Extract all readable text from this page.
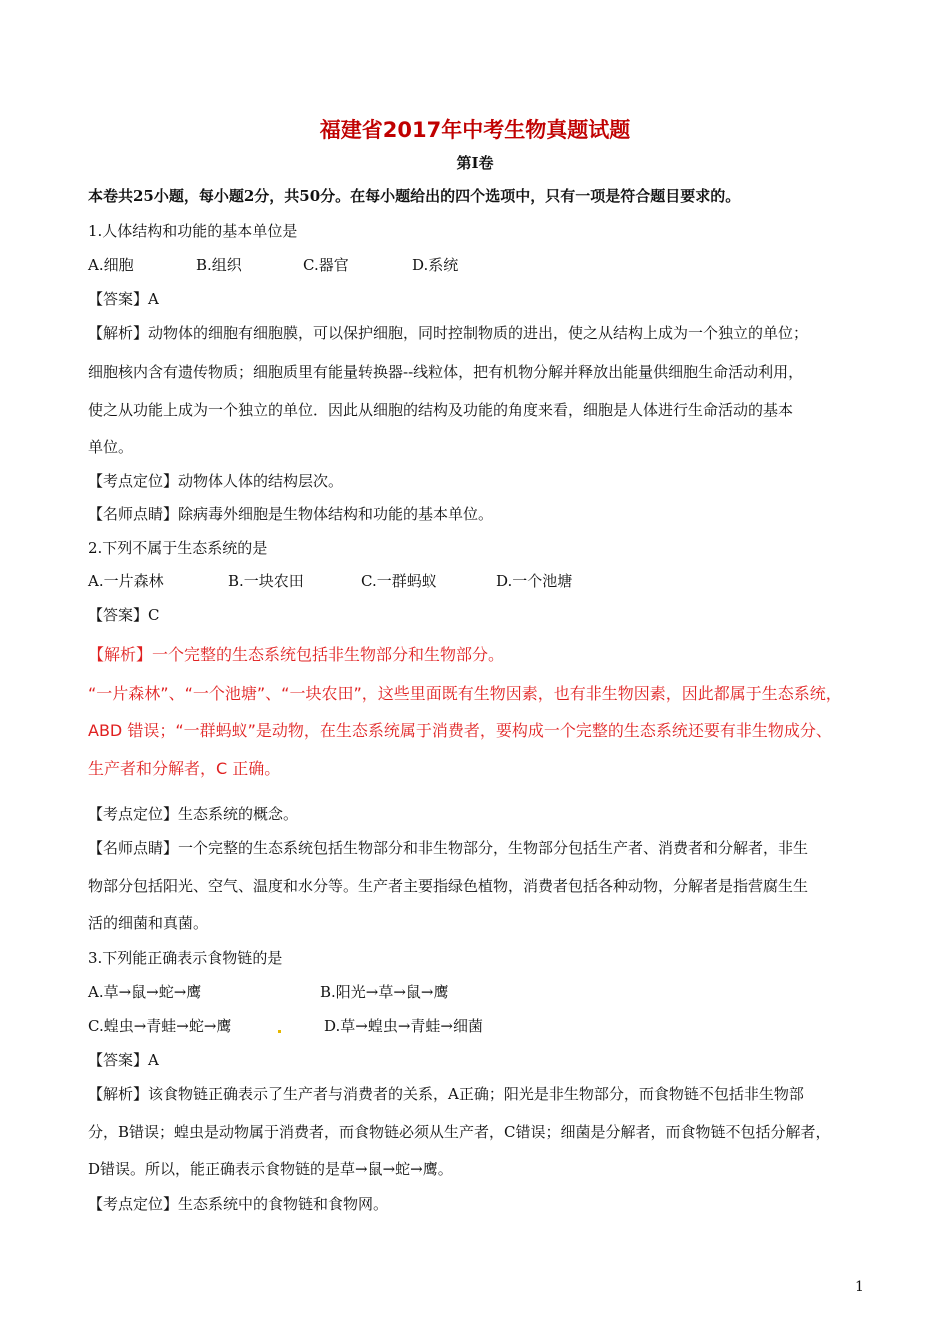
福建省2017年中考生物真题试题
第Ⅰ卷
本卷共25小题，每小题2分，共50分。在每小题给出的四个选项中，只有一项是符合题目要求的。
1.人体结构和功能的基本单位是
A.细胞	B.组织	C.器官	D.系统
【答案】A
【解析】动物体的细胞有细胞膜，可以保护细胞，同时控制物质的进出，使之从结构上成为一个独立的单位；
细胞核内含有遗传物质；细胞质里有能量转换器--线粒体，把有机物分解并释放出能量供细胞生命活动利用，
使之从功能上成为一个独立的单位．因此从细胞的结构及功能的角度来看，细胞是人体进行生命活动的基本
单位。
【考点定位】动物体人体的结构层次。
【名师点睛】除病毒外细胞是生物体结构和功能的基本单位。
2.下列不属于生态系统的是
A.一片森林	B.一块农田	C.一群蚂蚁	D.一个池塘
【答案】C
【解析】一个完整的生态系统包括非生物部分和生物部分。
“一片森林”、“一个池塘”、“一块农田”，这些里面既有生物因素，也有非生物因素，因此都属于生态系统，
ABD 错误；“一群蚂蚁”是动物，在生态系统属于消费者，要构成一个完整的生态系统还要有非生物成分、
生产者和分解者，C 正确。
【考点定位】生态系统的概念。
【名师点睛】一个完整的生态系统包括生物部分和非生物部分，生物部分包括生产者、消费者和分解者，非生
物部分包括阳光、空气、温度和水分等。生产者主要指绿色植物，消费者包括各种动物，分解者是指营腐生生
活的细菌和真菌。
3.下列能正确表示食物链的是
A.草→鼠→蛇→鹰	B.阳光→草→鼠→鹰
C.蝗虫→青蛙→蛇→鹰	D.草→蝗虫→青蛙→细菌
【答案】A
【解析】该食物链正确表示了生产者与消费者的关系，A正确；阳光是非生物部分，而食物链不包括非生物部
分，B错误；蝗虫是动物属于消费者，而食物链必须从生产者，C错误；细菌是分解者，而食物链不包括分解者，
D错误。所以，能正确表示食物链的是草→鼠→蛇→鹰。
【考点定位】生态系统中的食物链和食物网。
1
